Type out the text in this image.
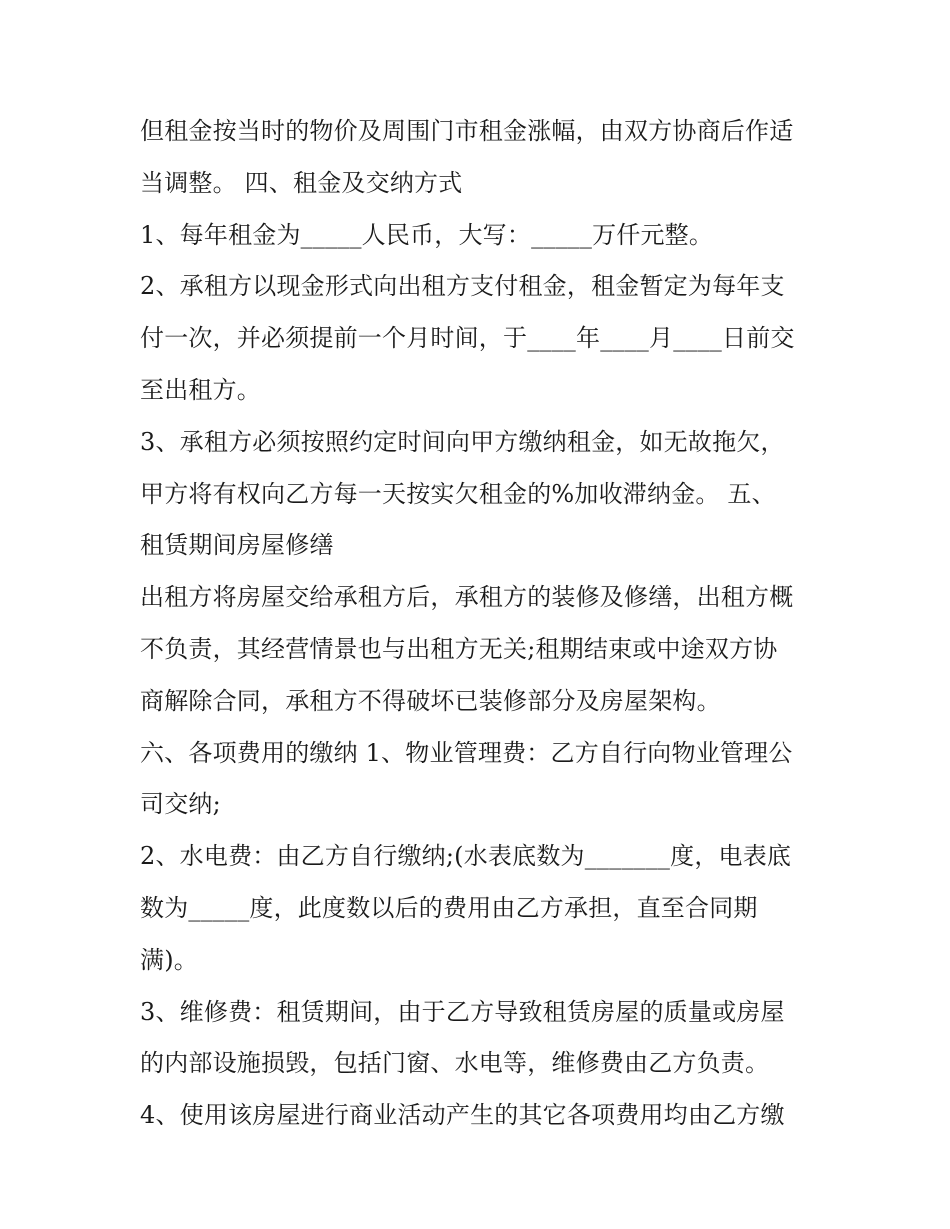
但租金按当时的物价及周围门市租金涨幅，由双方协商后作适
当调整。 四、租金及交纳方式
1、每年租金为_____人民币，大写：_____万仟元整。
2、承租方以现金形式向出租方支付租金，租金暂定为每年支
付一次，并必须提前一个月时间，于____年____月____日前交
至出租方。
3、承租方必须按照约定时间向甲方缴纳租金，如无故拖欠，
甲方将有权向乙方每一天按实欠租金的%加收滞纳金。 五、
租赁期间房屋修缮
出租方将房屋交给承租方后，承租方的装修及修缮，出租方概
不负责，其经营情景也与出租方无关;租期结束或中途双方协
商解除合同，承租方不得破坏已装修部分及房屋架构。
六、各项费用的缴纳 1、物业管理费：乙方自行向物业管理公
司交纳;
2、水电费：由乙方自行缴纳;(水表底数为_______度，电表底
数为_____度，此度数以后的费用由乙方承担，直至合同期
满)。
3、维修费：租赁期间，由于乙方导致租赁房屋的质量或房屋
的内部设施损毁，包括门窗、水电等，维修费由乙方负责。
4、使用该房屋进行商业活动产生的其它各项费用均由乙方缴
